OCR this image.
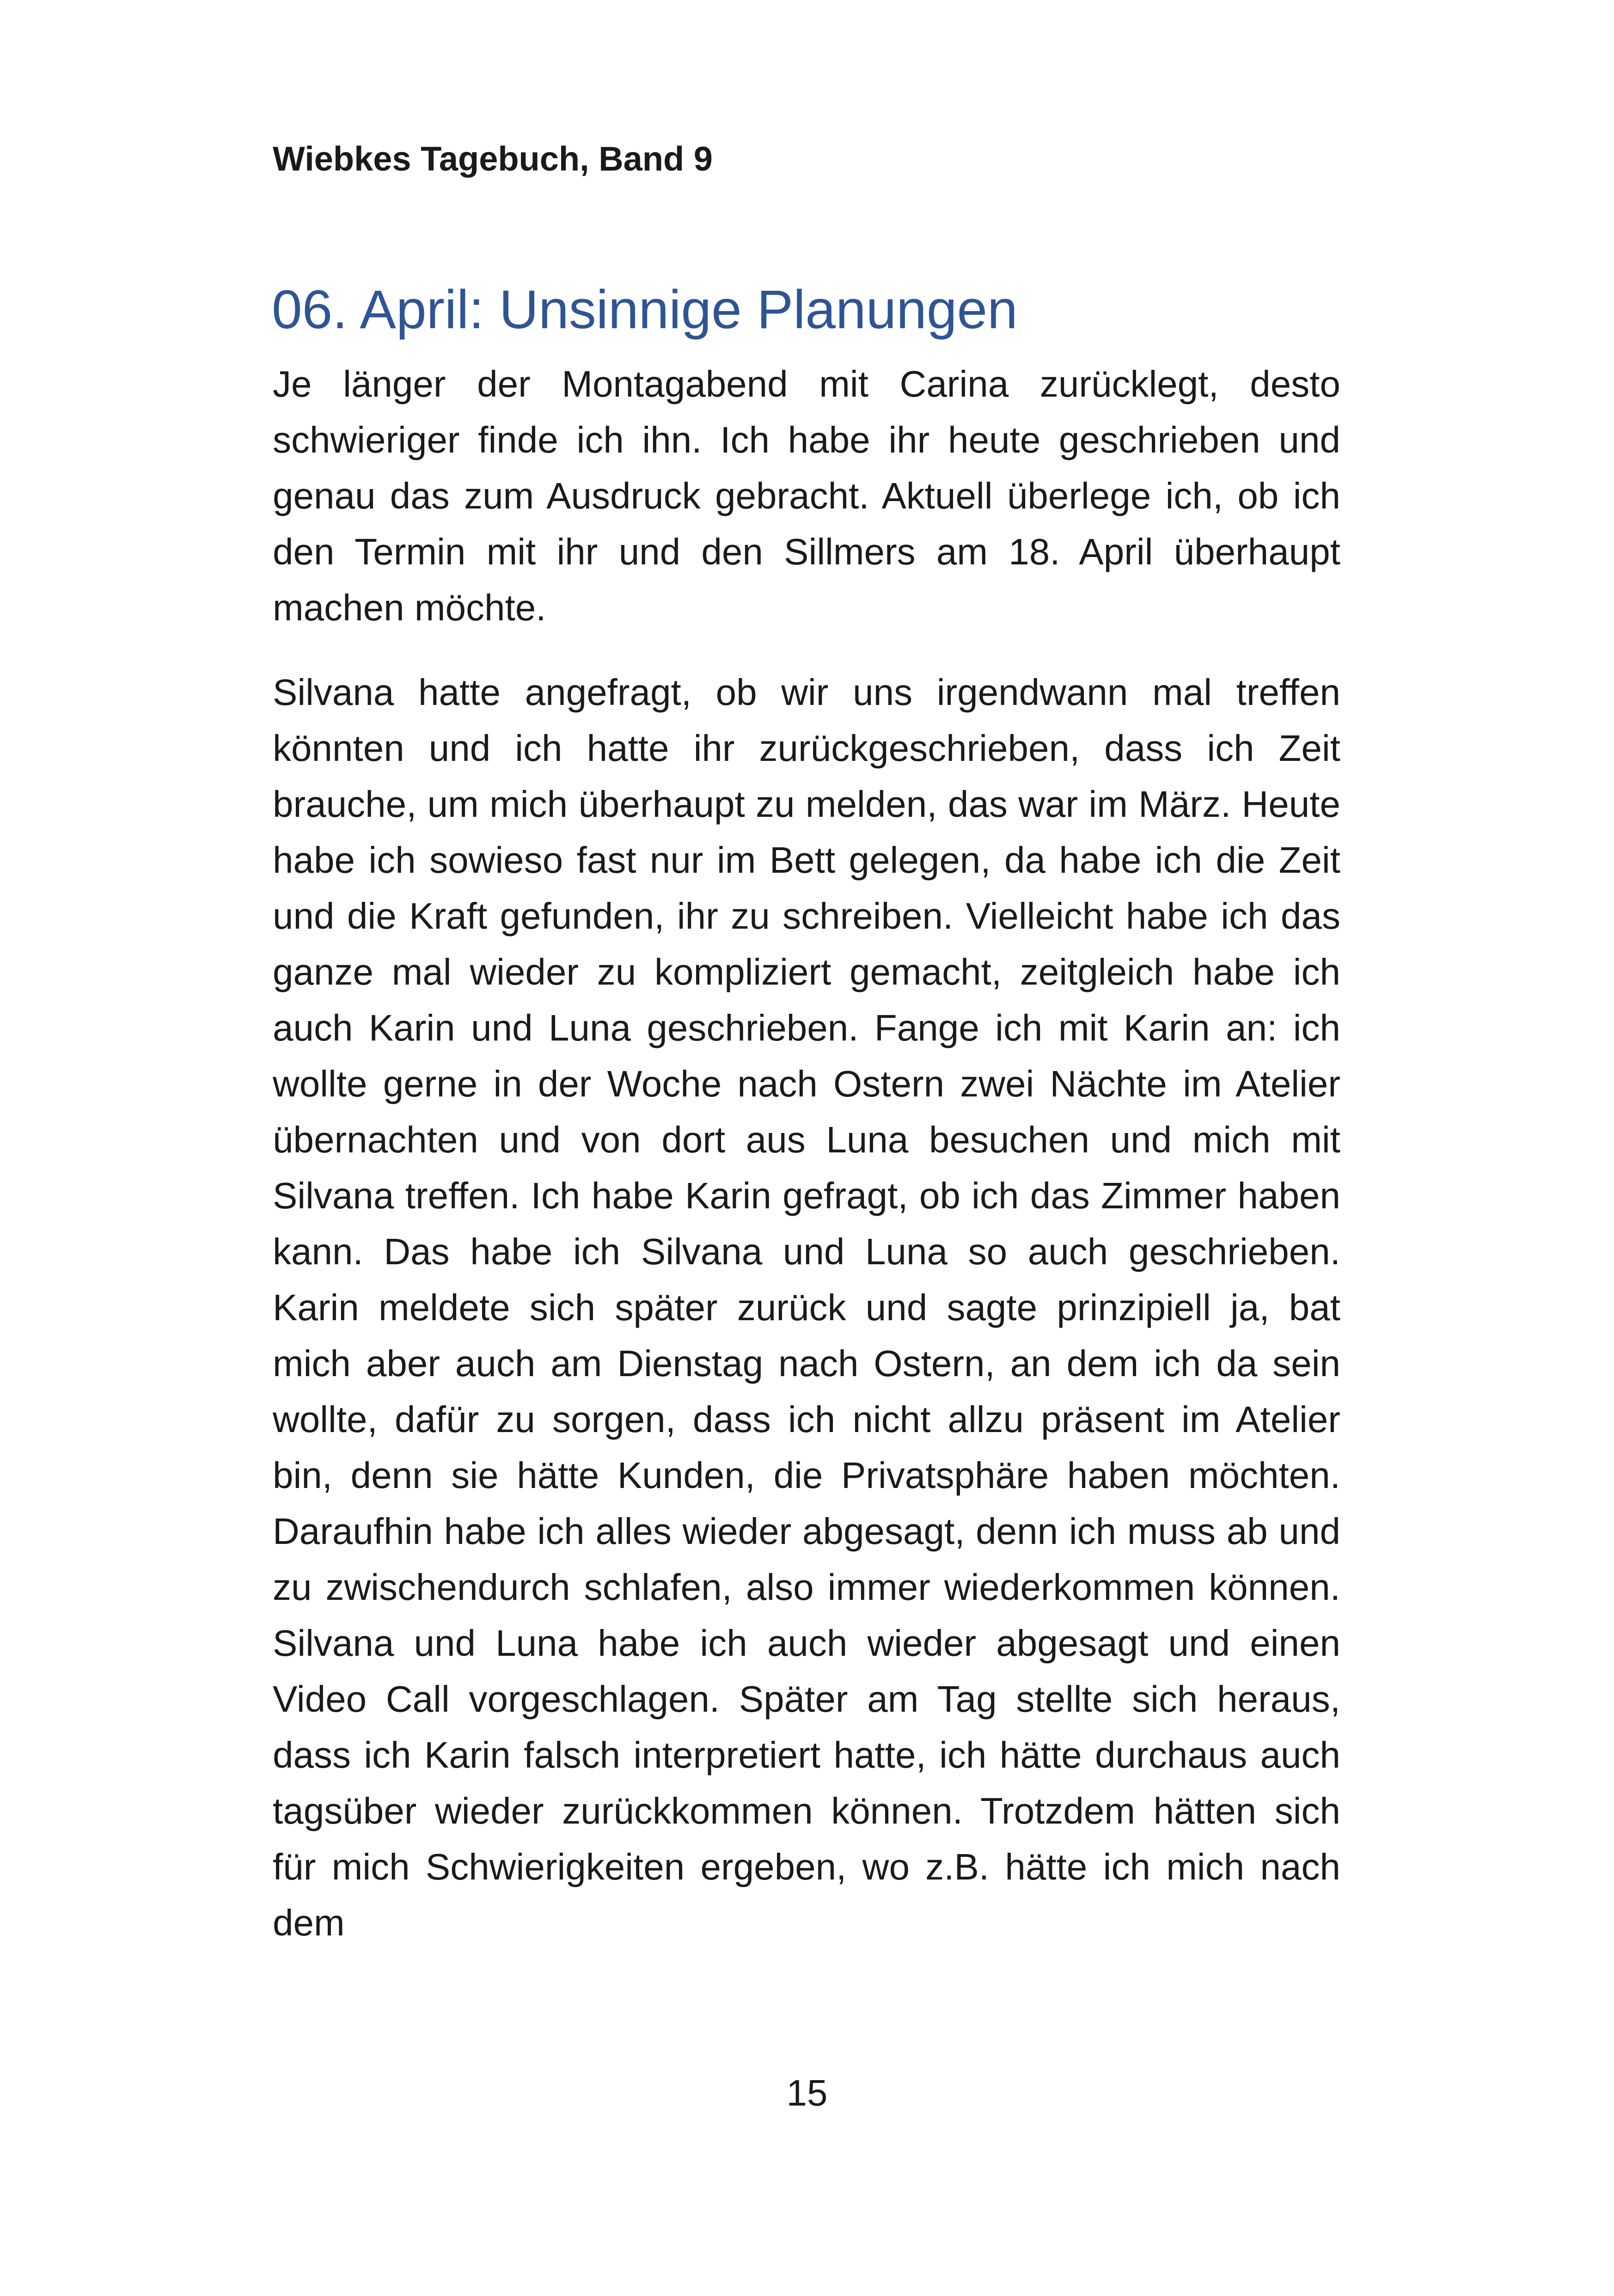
Wiebkes Tagebuch, Band 9
06. April: Unsinnige Planungen

Je länger der Montagabend mit Carina zurücklegt, desto schwieriger finde ich ihn. Ich habe ihr heute geschrieben und genau das zum Ausdruck gebracht. Aktuell überlege ich, ob ich den Termin mit ihr und den Sillmers am 18. April überhaupt machen möchte.

Silvana hatte angefragt, ob wir uns irgendwann mal treffen könnten und ich hatte ihr zurückgeschrieben, dass ich Zeit brauche, um mich überhaupt zu melden, das war im März. Heute habe ich sowieso fast nur im Bett gelegen, da habe ich die Zeit und die Kraft gefunden, ihr zu schreiben. Vielleicht habe ich das ganze mal wieder zu kompliziert gemacht, zeitgleich habe ich auch Karin und Luna geschrieben. Fange ich mit Karin an: ich wollte gerne in der Woche nach Ostern zwei Nächte im Atelier übernachten und von dort aus Luna besuchen und mich mit Silvana treffen. Ich habe Karin gefragt, ob ich das Zimmer haben kann. Das habe ich Silvana und Luna so auch geschrieben. Karin meldete sich später zurück und sagte prinzipiell ja, bat mich aber auch am Dienstag nach Ostern, an dem ich da sein wollte, dafür zu sorgen, dass ich nicht allzu präsent im Atelier bin, denn sie hätte Kunden, die Privatsphäre haben möchten. Daraufhin habe ich alles wieder abgesagt, denn ich muss ab und zu zwischendurch schlafen, also immer wiederkommen können. Silvana und Luna habe ich auch wieder abgesagt und einen Video Call vorgeschlagen. Später am Tag stellte sich heraus, dass ich Karin falsch interpretiert hatte, ich hätte durchaus auch tagsüber wieder zurückkommen können. Trotzdem hätten sich für mich Schwierigkeiten ergeben, wo z.B. hätte ich mich nach dem

15
